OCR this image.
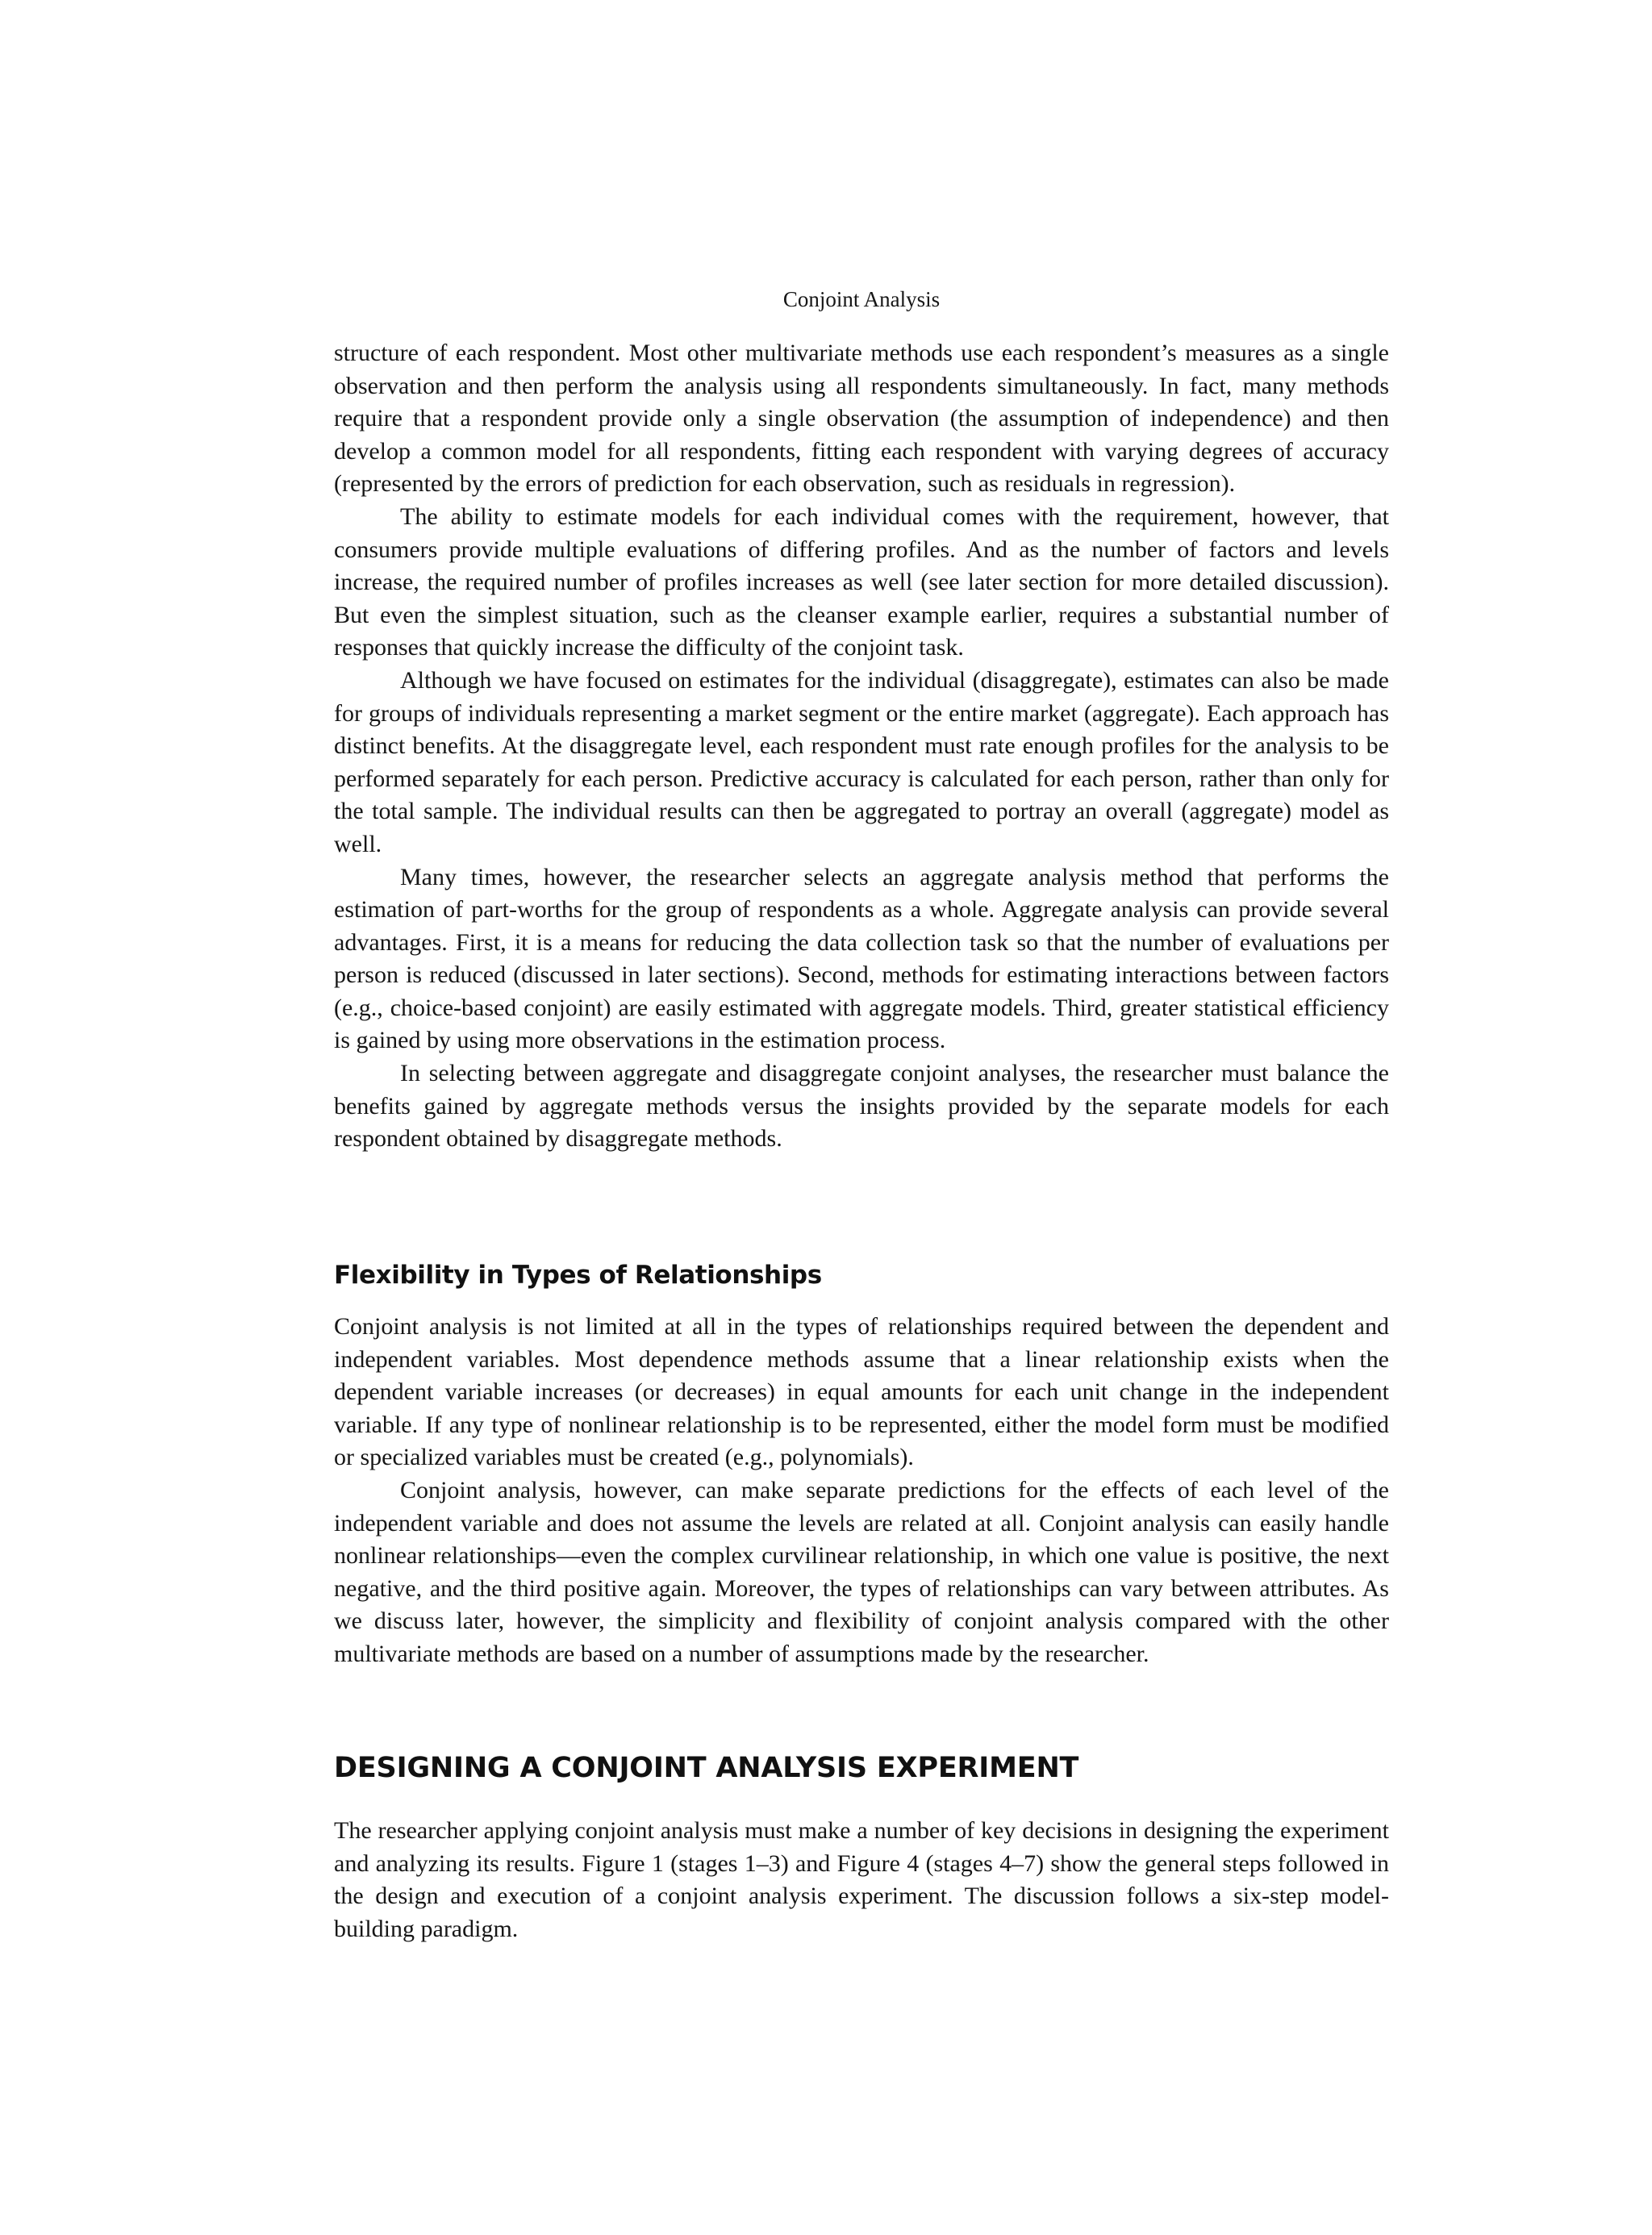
Conjoint Analysis

structure of each respondent. Most other multivariate methods use each respondent’s measures as a single observation and then perform the analysis using all respondents simultaneously. In fact, many methods require that a respondent provide only a single observation (the assumption of independence) and then develop a common model for all respondents, fitting each respondent with varying degrees of accuracy (represented by the errors of prediction for each observation, such as residuals in regression).

The ability to estimate models for each individual comes with the requirement, however, that consumers provide multiple evaluations of differing profiles. And as the number of factors and levels increase, the required number of profiles increases as well (see later section for more detailed discussion). But even the simplest situation, such as the cleanser example earlier, requires a substantial number of responses that quickly increase the difficulty of the conjoint task.

Although we have focused on estimates for the individual (disaggregate), estimates can also be made for groups of individuals representing a market segment or the entire market (aggregate). Each approach has distinct benefits. At the disaggregate level, each respondent must rate enough profiles for the analysis to be performed separately for each person. Predictive accuracy is calculated for each person, rather than only for the total sample. The individual results can then be aggregated to portray an overall (aggregate) model as well.

Many times, however, the researcher selects an aggregate analysis method that performs the estimation of part-worths for the group of respondents as a whole. Aggregate analysis can provide several advantages. First, it is a means for reducing the data collection task so that the number of evaluations per person is reduced (discussed in later sections). Second, methods for estimating interactions between factors (e.g., choice-based conjoint) are easily estimated with aggregate models. Third, greater statistical efficiency is gained by using more observations in the estimation process.

In selecting between aggregate and disaggregate conjoint analyses, the researcher must balance the benefits gained by aggregate methods versus the insights provided by the separate models for each respondent obtained by disaggregate methods.

Flexibility in Types of Relationships

Conjoint analysis is not limited at all in the types of relationships required between the dependent and independent variables. Most dependence methods assume that a linear relationship exists when the dependent variable increases (or decreases) in equal amounts for each unit change in the independent variable. If any type of nonlinear relationship is to be represented, either the model form must be modified or specialized variables must be created (e.g., polynomials).

Conjoint analysis, however, can make separate predictions for the effects of each level of the independent variable and does not assume the levels are related at all. Conjoint analysis can easily handle nonlinear relationships—even the complex curvilinear relationship, in which one value is positive, the next negative, and the third positive again. Moreover, the types of relationships can vary between attributes. As we discuss later, however, the simplicity and flexibility of conjoint analysis compared with the other multivariate methods are based on a number of assumptions made by the researcher.

DESIGNING A CONJOINT ANALYSIS EXPERIMENT

The researcher applying conjoint analysis must make a number of key decisions in designing the experiment and analyzing its results. Figure 1 (stages 1–3) and Figure 4 (stages 4–7) show the general steps followed in the design and execution of a conjoint analysis experiment. The discussion follows a six-step model-building paradigm.
